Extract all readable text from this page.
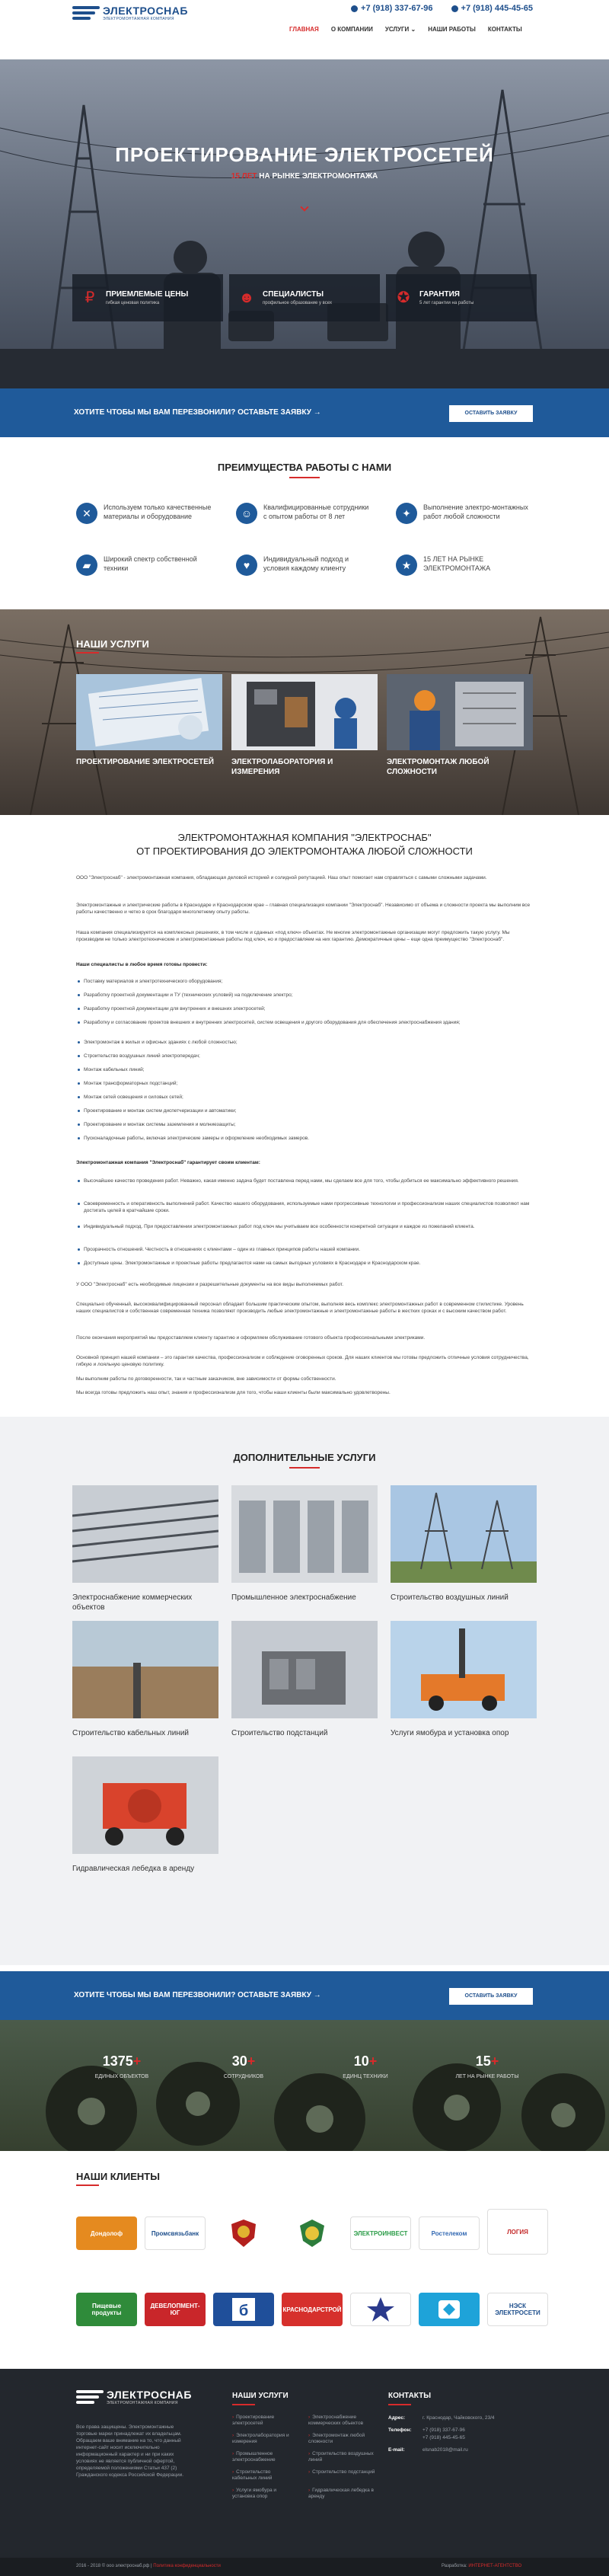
ЭЛЕКТРОСНАБ
ЭЛЕКТРОМОНТАЖНАЯ КОМПАНИЯ
+7 (918) 337-67-96	+7 (918) 445-45-65
ГЛАВНАЯ О КОМПАНИИ УСЛУГИ ⌄ НАШИ РАБОТЫ КОНТАКТЫ
ПРОЕКТИРОВАНИЕ ЭЛЕКТРОСЕТЕЙ
15 ЛЕТ НА РЫНКЕ ЭЛЕКТРОМОНТАЖА
₽	ПРИЕМЛЕМЫЕ ЦЕНЫ
гибкая ценовая политика	☻ СПЕЦИАЛИСТЫ
профильное образование у всех	✪ ГАРАНТИЯ
5 лет гарантии на работы
ХОТИТЕ ЧТОБЫ МЫ ВАМ ПЕРЕЗВОНИЛИ? ОСТАВЬТЕ ЗАЯВКУ →	ОСТАВИТЬ ЗАЯВКУ
ПРЕИМУЩЕСТВА РАБОТЫ С НАМИ
✕	Используем только качественные материалы и оборудование	☺	Квалифицированные сотрудники с опытом работы от 8 лет	✦	Выполнение электро-монтажных работ любой сложности
▰	Широкий спектр собственной техники	♥	Индивидуальный подход и условия каждому клиенту	★	15 ЛЕТ НА РЫНКЕ ЭЛЕКТРОМОНТАЖА
НАШИ УСЛУГИ
ПРОЕКТИРОВАНИЕ ЭЛЕКТРОСЕТЕЙ	ЭЛЕКТРОЛАБОРАТОРИЯ И ИЗМЕРЕНИЯ
ЭЛЕКТРОМОНТАЖ ЛЮБОЙ СЛОЖНОСТИ
ЭЛЕКТРОМОНТАЖНАЯ КОМПАНИЯ "ЭЛЕКТРОСНАБ"
ОТ ПРОЕКТИРОВАНИЯ ДО ЭЛЕКТРОМОНТАЖА ЛЮБОЙ СЛОЖНОСТИ
ООО "Электроснаб" - электромонтажная компания, обладающая деловой историей и солидной репутацией. Наш опыт помогает нам справляться с самыми сложными задачами.
Электромонтажные и электрические работы в Краснодаре и Краснодарском крае – главная специализация компании "Электроснаб". Независимо от объема и сложности проекта мы выполним все работы качественно и четко в срок благодаря многолетнему опыту работы.
Наша компания специализируется на комплексных решениях, в том числе и сданных «под ключ» объектах. Не многие электромонтажные организации могут предложить такую услугу. Мы производим не только электротехнические и электромонтажные работы под ключ, но и предоставляем на них гарантию. Демократичные цены – еще одна преимущество "Электроснаб".
Наши специалисты в любое время готовы провести:
Поставку материалов и электротехнического оборудования;
Разработку проектной документации и ТУ (технических условий) на подключение электро;
Разработку проектной документации для внутренних и внешних электросетей;
Разработку и согласование проектов внешних и внутренних электросетей, систем освещения и другого оборудования для обеспечения электроснабжения здания;
Электромонтаж в жилых и офисных зданиях с любой сложностью;
Строительство воздушных линий электропередач;
Монтаж кабельных линий;
Монтаж трансформаторных подстанций;
Монтаж сетей освещения и силовых сетей;
Проектирование и монтаж систем диспетчеризации и автоматики;
Проектирование и монтаж системы заземления и молниезащиты;
Пусконаладочные работы, включая электрические замеры и оформление необходимых замеров.
Электромонтажная компания "Электроснаб" гарантирует своим клиентам:
Высочайшее качество проведения работ. Неважно, какая именно задача будет поставлена перед нами, мы сделаем все для того, чтобы добиться ее максимально эффективного решения.
Своевременность и оперативность выполнений работ. Качество нашего оборудования, используемые нами прогрессивные технологии и профессионализм наших специалистов позволяют нам достигать целей в кратчайшие сроки.
Индивидуальный подход. При предоставлении электромонтажных работ под ключ мы учитываем все особенности конкретной ситуации и каждое из пожеланий клиента.
Прозрачность отношений. Честность в отношениях с клиентами – один из главных принципов работы нашей компании.
Доступные цены. Электромонтажные и проектные работы предлагаются нами на самых выгодных условиях в Краснодаре и Краснодарском крае.
У ООО "Электроснаб" есть необходимые лицензии и разрешительные документы на все виды выполняемых работ.
Специально обученный, высококвалифицированный персонал обладает большим практическим опытом, выполняя весь комплекс электромонтажных работ в современном стилистике. Уровень наших специалистов и собственная современная техника позволяют производить любые электромонтажные и электромонтажные работы в жестких сроках и с высоким качеством работ.
После окончания мероприятий мы предоставляем клиенту гарантию и оформляем обслуживание готового объекта профессиональными электриками.
Основной принцип нашей компании – это гарантия качества, профессионализм и соблюдение оговоренных сроков. Для наших клиентов мы готовы предложить отличные условия сотрудничества, гибкую и лояльную ценовую политику.
Мы выполним работы по договоренности, так и частным заказчиком, вне зависимости от формы собственности.
Мы всегда готовы предложить наш опыт, знания и профессионализм для того, чтобы наши клиенты были максимально удовлетворены.
ДОПОЛНИТЕЛЬНЫЕ УСЛУГИ
Электроснабжение коммерческих объектов
Промышленное электроснабжение	Строительство воздушных линий
Строительство кабельных линий	Строительство подстанций	Услуги ямобура и установка опор
Гидравлическая лебедка в аренду
ХОТИТЕ ЧТОБЫ МЫ ВАМ ПЕРЕЗВОНИЛИ? ОСТАВЬТЕ ЗАЯВКУ →	ОСТАВИТЬ ЗАЯВКУ
1375+
ЕДИНЫХ ОБЪЕКТОВ
30+
СОТРУДНИКОВ
10+
ЕДИНЦ ТЕХНИКИ
15+
ЛЕТ НА РЫНКЕ РАБОТЫ
НАШИ КЛИЕНТЫ
Дондолоф	Промсвязьбанк	ЭЛЕКТРОИНВЕСТ	Ростелеком	ЛОГИЯ
Пищевые продукты
ДЕВЕЛОПМЕНТ-ЮГ	б	КРАСНОДАРСТРОЙ	НЭСК ЭЛЕКТРОСЕТИ
ЭЛЕКТРОСНАБ
ЭЛЕКТРОМОНТАЖНАЯ КОМПАНИЯ
Все права защищены. Электромонтажные торговые марки принадлежат их владельцам. Обращаем ваше внимание на то, что данный интернет-сайт носит исключительно информационный характер и ни при каких условиях не является публичной офертой, определяемой положениями Статьи 437 (2) Гражданского кодекса Российской Федерации.
НАШИ УСЛУГИ
› Проектирование электросетей
› Электролаборатория и измерения
› Промышленное электроснабжение
› Строительство кабельных линий
› Услуги ямобура и установка опор
› Электроснабжение коммерческих объектов
› Электромонтаж любой сложности
› Строительство воздушных линий
› Строительство подстанций
› Гидравлическая лебедка в аренду
КОНТАКТЫ
Адрес:	г. Краснодар, Чайковского, 23/4
Телефон: +7 (918) 337-67-96
+7 (918) 445-45-65
E-mail:	elsnab2018@mail.ru
2016 - 2018 © ооо электроснаб.рф | Политика конфиденциальности	Разработка: ИНТЕРНЕТ-АГЕНТСТВО
